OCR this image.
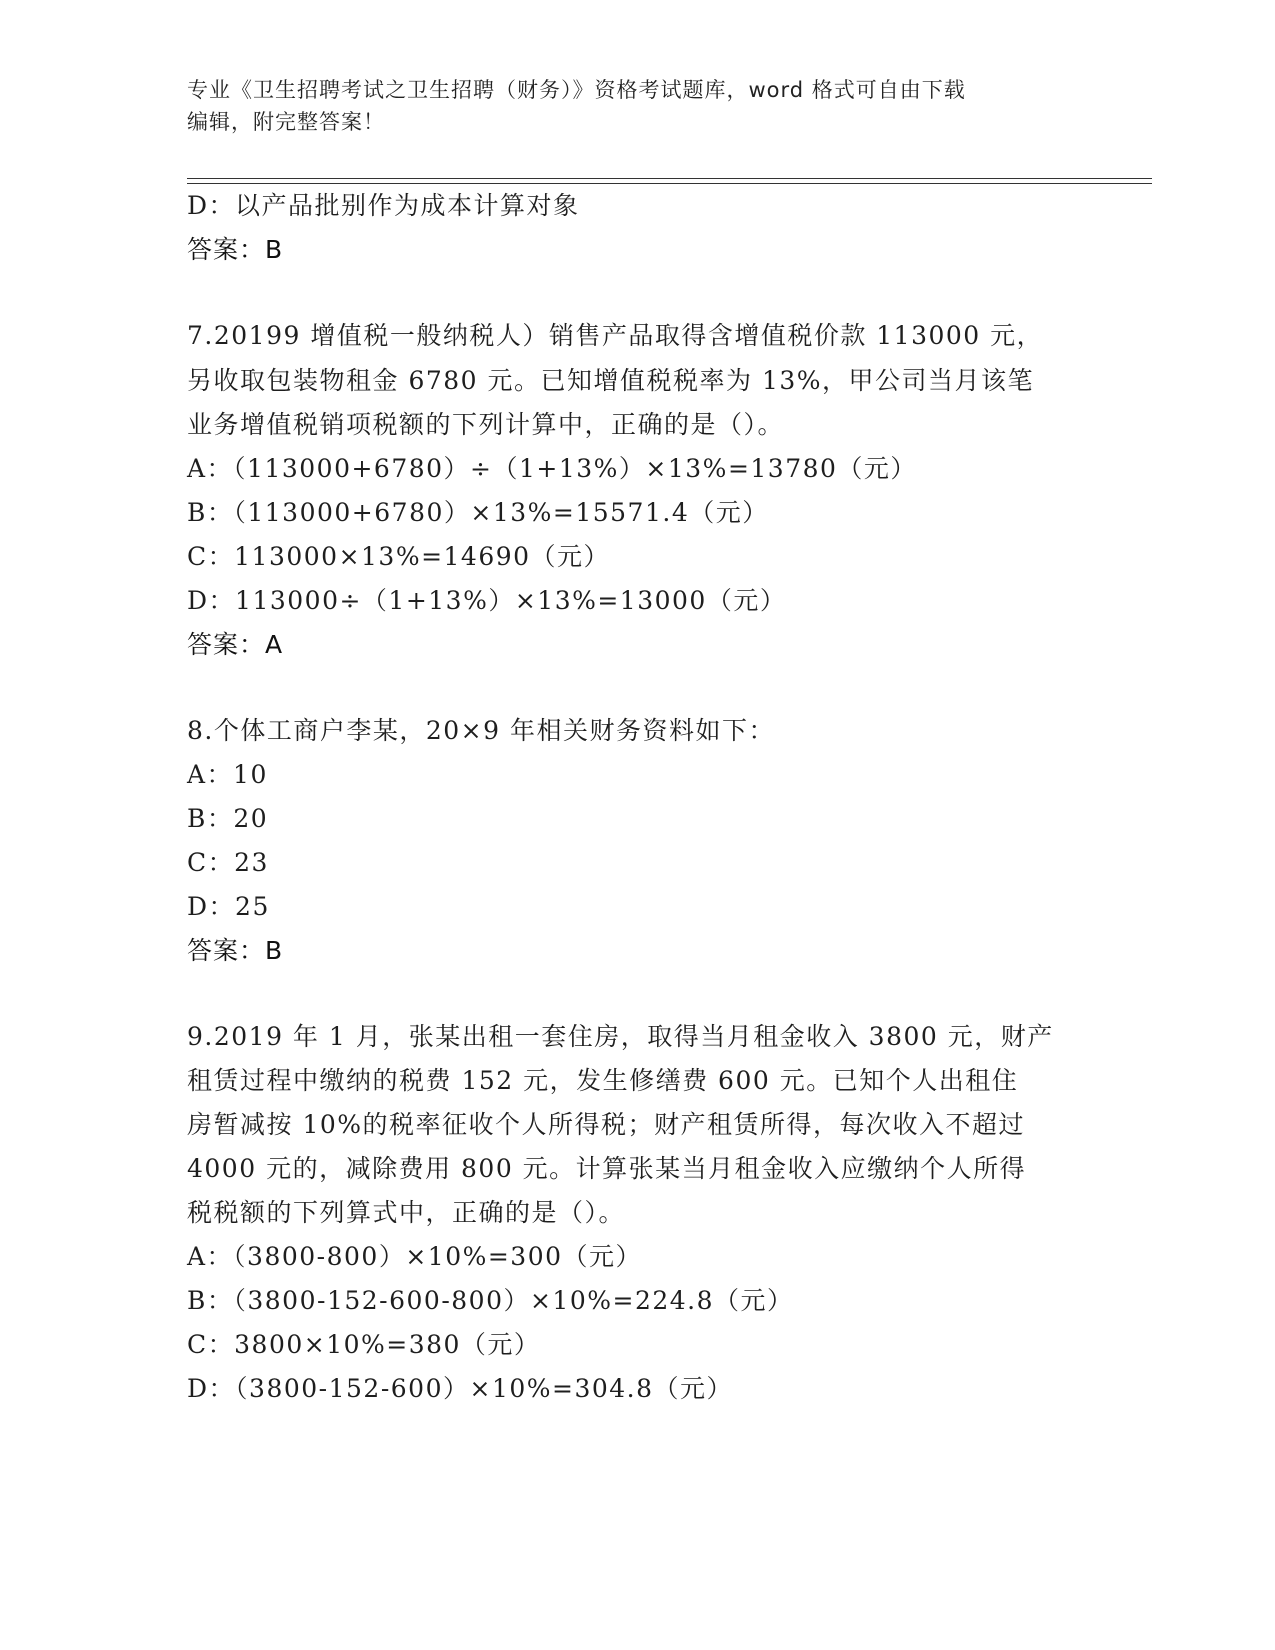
专业《卫生招聘考试之卫生招聘（财务）》资格考试题库，word 格式可自由下载
编辑，附完整答案！
D：以产品批别作为成本计算对象
答案：B
7.20199 增值税一般纳税人）销售产品取得含增值税价款 113000 元，
另收取包装物租金 6780 元。已知增值税税率为 13%，甲公司当月该笔
业务增值税销项税额的下列计算中，正确的是（）。
A：（113000+6780）÷（1+13%）×13%=13780（元）
B：（113000+6780）×13%=15571.4（元）
C：113000×13%=14690（元）
D：113000÷（1+13%）×13%=13000（元）
答案：A
8.个体工商户李某，20×9 年相关财务资料如下：
A：10
B：20
C：23
D：25
答案：B
9.2019 年 1 月，张某出租一套住房，取得当月租金收入 3800 元，财产
租赁过程中缴纳的税费 152 元，发生修缮费 600 元。已知个人出租住
房暂减按 10%的税率征收个人所得税；财产租赁所得，每次收入不超过
4000 元的，减除费用 800 元。计算张某当月租金收入应缴纳个人所得
税税额的下列算式中，正确的是（）。
A：（3800-800）×10%=300（元）
B：（3800-152-600-800）×10%=224.8（元）
C：3800×10%=380（元）
D：（3800-152-600）×10%=304.8（元）
